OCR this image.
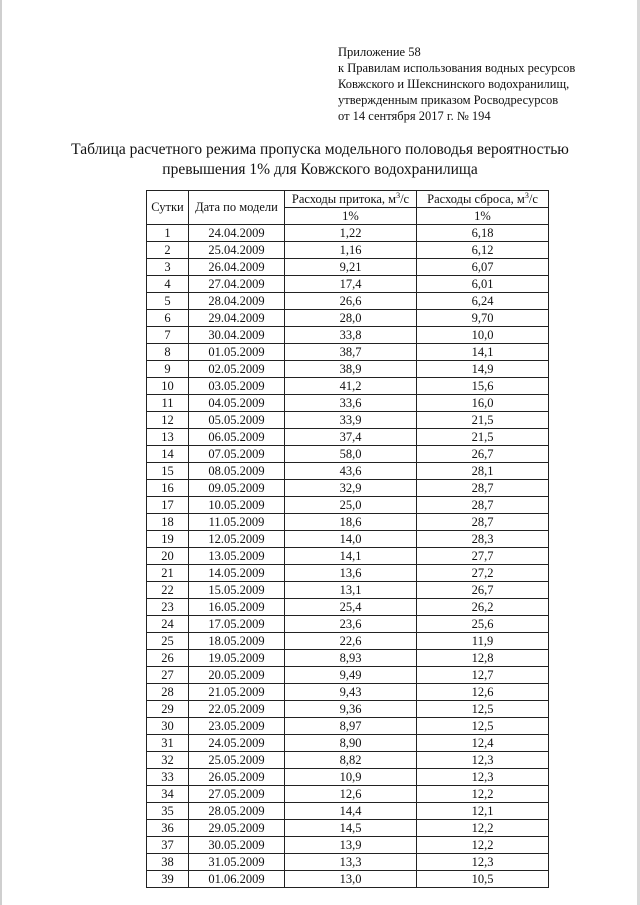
Приложение 58
к Правилам использования водных ресурсов
Ковжского и Шекснинского водохранилищ,
утвержденным приказом Росводресурсов
от 14 сентября 2017 г. № 194
Таблица расчетного режима пропуска модельного половодья вероятностью
превышения 1% для Ковжского водохранилища
Сутки	Дата по модели	Расходы притока, $м^3/с$	Расходы сброса, $м^3/с$
		1%	1%
1	24.04.2009	1,22	6,18
2	25.04.2009	1,16	6,12
3	26.04.2009	9,21	6,07
4	27.04.2009	17,4	6,01
5	28.04.2009	26,6	6,24
6	29.04.2009	28,0	9,70
7	30.04.2009	33,8	10,0
8	01.05.2009	38,7	14,1
9	02.05.2009	38,9	14,9
10	03.05.2009	41,2	15,6
11	04.05.2009	33,6	16,0
12	05.05.2009	33,9	21,5
13	06.05.2009	37,4	21,5
14	07.05.2009	58,0	26,7
15	08.05.2009	43,6	28,1
16	09.05.2009	32,9	28,7
17	10.05.2009	25,0	28,7
18	11.05.2009	18,6	28,7
19	12.05.2009	14,0	28,3
20	13.05.2009	14,1	27,7
21	14.05.2009	13,6	27,2
22	15.05.2009	13,1	26,7
23	16.05.2009	25,4	26,2
24	17.05.2009	23,6	25,6
25	18.05.2009	22,6	11,9
26	19.05.2009	8,93	12,8
27	20.05.2009	9,49	12,7
28	21.05.2009	9,43	12,6
29	22.05.2009	9,36	12,5
30	23.05.2009	8,97	12,5
31	24.05.2009	8,90	12,4
32	25.05.2009	8,82	12,3
33	26.05.2009	10,9	12,3
34	27.05.2009	12,6	12,2
35	28.05.2009	14,4	12,1
36	29.05.2009	14,5	12,2
37	30.05.2009	13,9	12,2
38	31.05.2009	13,3	12,3
39	01.06.2009	13,0	10,5
